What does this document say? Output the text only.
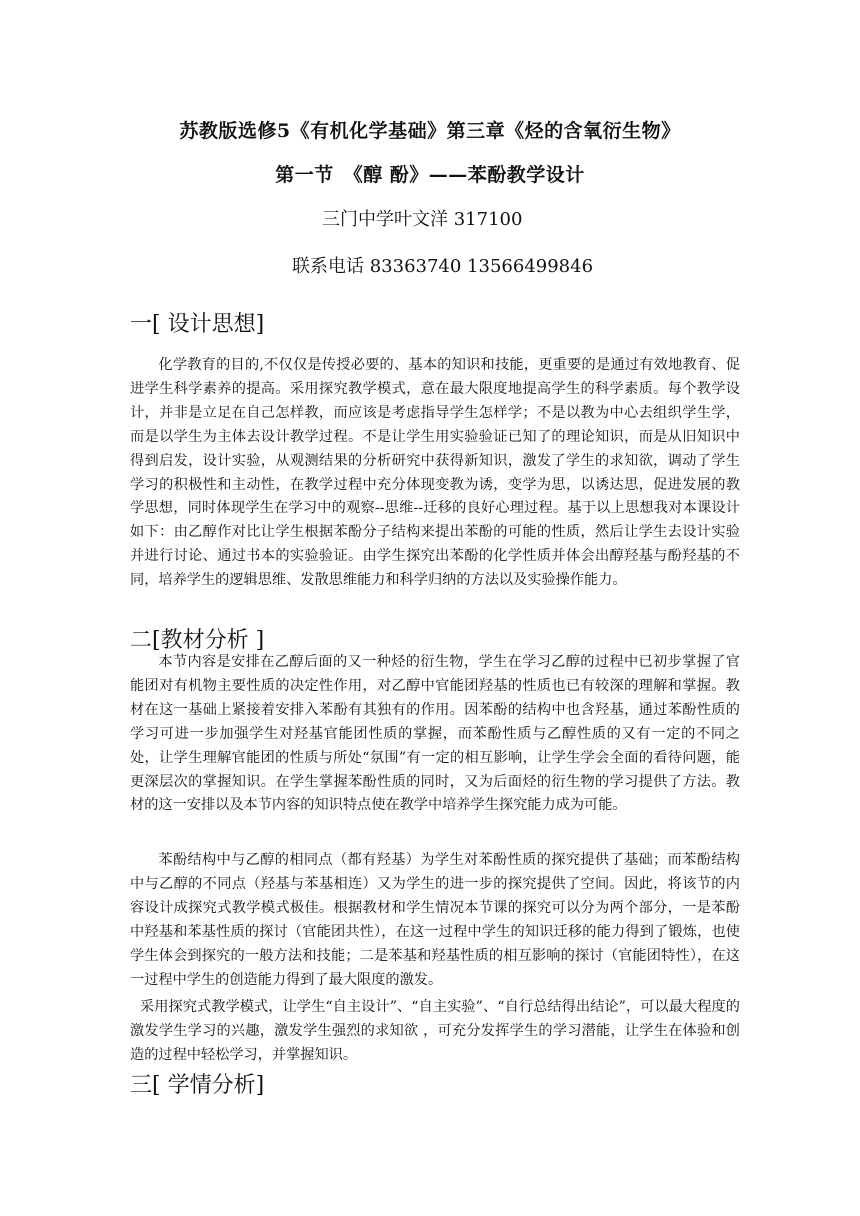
苏教版选修5《有机化学基础》第三章《烃的含氧衍生物》
第一节　《醇 酚》——苯酚教学设计
三门中学叶文洋 317100
联系电话 83363740 13566499846
一[ 设计思想]

化学教育的目的,不仅仅是传授必要的、基本的知识和技能，更重要的是通过有效地教育、促进学生科学素养的提高。采用探究教学模式，意在最大限度地提高学生的科学素质。每个教学设计，并非是立足在自己怎样教，而应该是考虑指导学生怎样学；不是以教为中心去组织学生学，而是以学生为主体去设计教学过程。不是让学生用实验验证已知了的理论知识，而是从旧知识中得到启发，设计实验，从观测结果的分析研究中获得新知识，激发了学生的求知欲，调动了学生学习的积极性和主动性，在教学过程中充分体现变教为诱，变学为思，以诱达思，促进发展的教学思想，同时体现学生在学习中的观察--思维--迁移的良好心理过程。基于以上思想我对本课设计如下：由乙醇作对比让学生根据苯酚分子结构来提出苯酚的可能的性质，然后让学生去设计实验并进行讨论、通过书本的实验验证。由学生探究出苯酚的化学性质并体会出醇羟基与酚羟基的不同，培养学生的逻辑思维、发散思维能力和科学归纳的方法以及实验操作能力。

二[教材分析 ]

本节内容是安排在乙醇后面的又一种烃的衍生物，学生在学习乙醇的过程中已初步掌握了官能团对有机物主要性质的决定性作用，对乙醇中官能团羟基的性质也已有较深的理解和掌握。教材在这一基础上紧接着安排入苯酚有其独有的作用。因苯酚的结构中也含羟基，通过苯酚性质的学习可进一步加强学生对羟基官能团性质的掌握，而苯酚性质与乙醇性质的又有一定的不同之处，让学生理解官能团的性质与所处“氛围”有一定的相互影响，让学生学会全面的看待问题，能更深层次的掌握知识。在学生掌握苯酚性质的同时，又为后面烃的衍生物的学习提供了方法。教材的这一安排以及本节内容的知识特点使在教学中培养学生探究能力成为可能。

苯酚结构中与乙醇的相同点（都有羟基）为学生对苯酚性质的探究提供了基础；而苯酚结构中与乙醇的不同点（羟基与苯基相连）又为学生的进一步的探究提供了空间。因此，将该节的内容设计成探究式教学模式极佳。根据教材和学生情况本节课的探究可以分为两个部分，一是苯酚中羟基和苯基性质的探讨（官能团共性），在这一过程中学生的知识迁移的能力得到了锻炼，也使学生体会到探究的一般方法和技能；二是苯基和羟基性质的相互影响的探讨（官能团特性），在这一过程中学生的创造能力得到了最大限度的激发。

采用探究式教学模式，让学生“自主设计”、“自主实验”、“自行总结得出结论”，可以最大程度的激发学生学习的兴趣，激发学生强烈的求知欲 ，可充分发挥学生的学习潜能，让学生在体验和创造的过程中轻松学习，并掌握知识。

三[ 学情分析]
